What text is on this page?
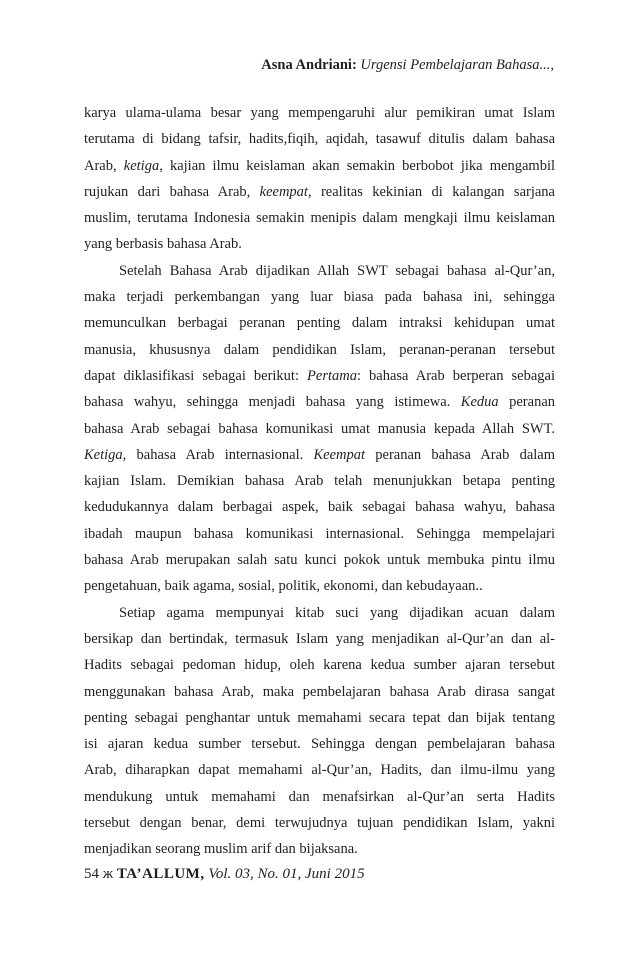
Asna Andriani: Urgensi Pembelajaran Bahasa...,
karya ulama-ulama besar yang mempengaruhi alur pemikiran umat Islam
terutama di bidang tafsir, hadits,fiqih, aqidah, tasawuf ditulis dalam bahasa
Arab, ketiga, kajian ilmu keislaman akan semakin berbobot jika mengambil
rujukan dari bahasa Arab, keempat, realitas kekinian di kalangan sarjana
muslim, terutama Indonesia semakin menipis dalam mengkaji ilmu keislaman
yang berbasis bahasa Arab.
Setelah Bahasa Arab dijadikan Allah SWT sebagai bahasa al-Qur’an,
maka terjadi perkembangan yang luar biasa pada bahasa ini, sehingga
memunculkan berbagai peranan penting dalam intraksi kehidupan umat
manusia, khususnya dalam pendidikan Islam, peranan-peranan tersebut
dapat diklasifikasi sebagai berikut: Pertama: bahasa Arab berperan sebagai
bahasa wahyu, sehingga menjadi bahasa yang istimewa. Kedua peranan
bahasa Arab sebagai bahasa komunikasi umat manusia kepada Allah SWT.
Ketiga, bahasa Arab internasional. Keempat peranan bahasa Arab dalam
kajian Islam. Demikian bahasa Arab telah menunjukkan betapa penting
kedudukannya dalam berbagai aspek, baik sebagai bahasa wahyu, bahasa
ibadah maupun bahasa komunikasi internasional. Sehingga mempelajari
bahasa Arab merupakan salah satu kunci pokok untuk membuka pintu ilmu
pengetahuan, baik agama, sosial, politik, ekonomi, dan kebudayaan..
Setiap agama mempunyai kitab suci yang dijadikan acuan dalam
bersikap dan bertindak, termasuk Islam yang menjadikan al-Qur’an dan al-
Hadits sebagai pedoman hidup, oleh karena kedua sumber ajaran tersebut
menggunakan bahasa Arab, maka pembelajaran bahasa Arab dirasa sangat
penting sebagai penghantar untuk memahami secara tepat dan bijak tentang
isi ajaran kedua sumber tersebut. Sehingga dengan pembelajaran bahasa
Arab, diharapkan dapat memahami al-Qur’an, Hadits, dan ilmu-ilmu yang
mendukung untuk memahami dan menafsirkan al-Qur’an serta Hadits
tersebut dengan benar, demi terwujudnya tujuan pendidikan Islam, yakni
menjadikan seorang muslim arif dan bijaksana.
54 ж TA’ALLUM, Vol. 03, No. 01, Juni 2015
